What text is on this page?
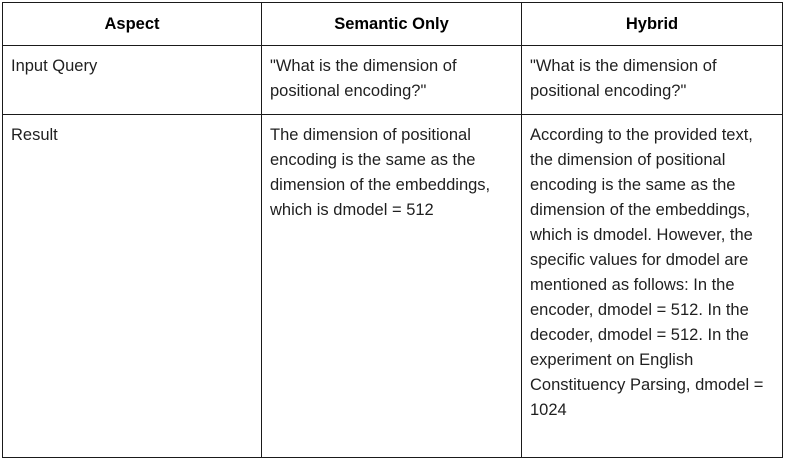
Aspect	Semantic Only	Hybrid

Input Query	"What is the dimension of positional encoding?"	"What is the dimension of positional encoding?"

Result	The dimension of positional encoding is the same as the dimension of the embeddings, which is dmodel = 512	According to the provided text, the dimension of positional encoding is the same as the dimension of the embeddings, which is dmodel. However, the specific values for dmodel are mentioned as follows: In the encoder, dmodel = 512. In the decoder, dmodel = 512. In the experiment on English Constituency Parsing, dmodel = 1024
